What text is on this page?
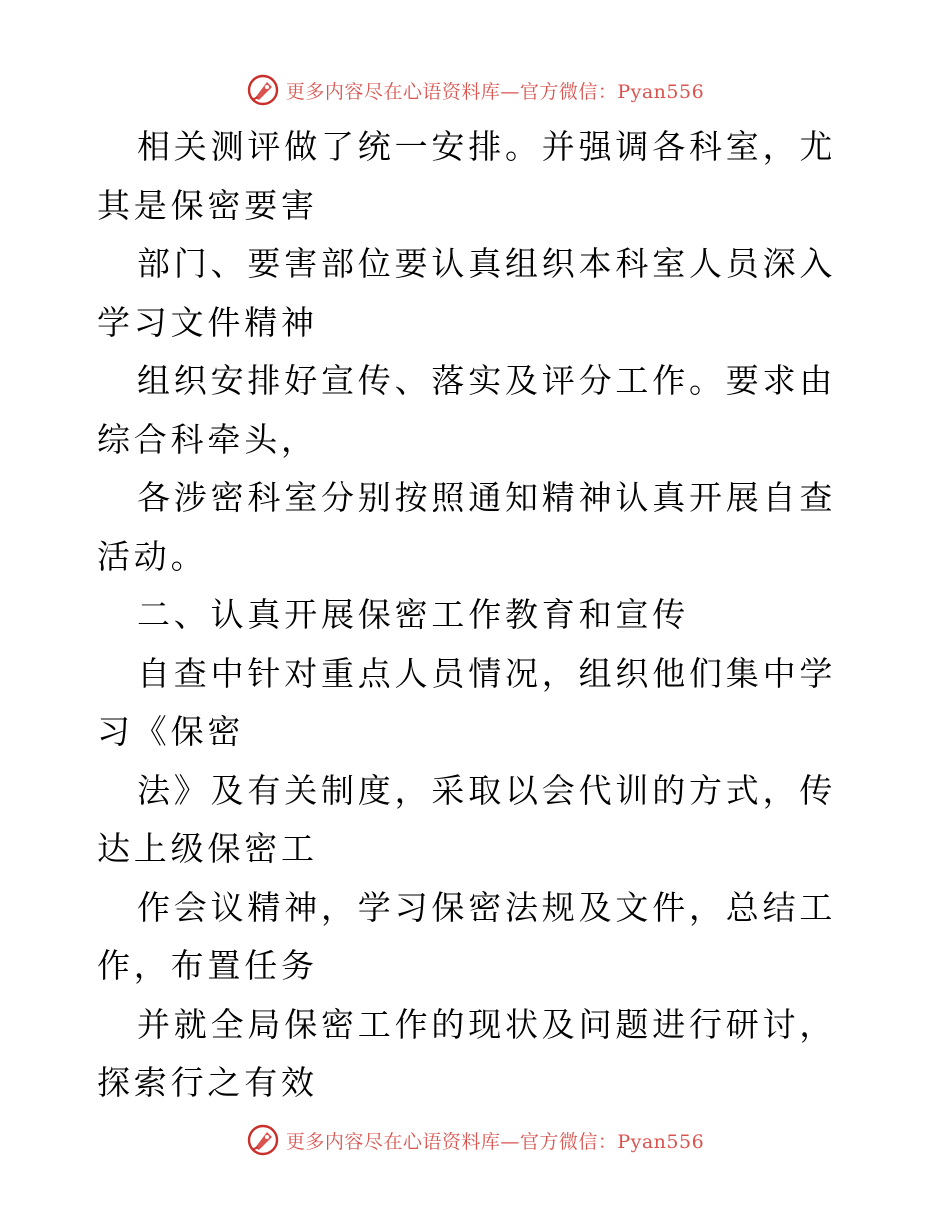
更多内容尽在心语资料库—官方微信：Pyan556

相关测评做了统一安排。并强调各科室，尤其是保密要害

部门、要害部位要认真组织本科室人员深入学习文件精神

组织安排好宣传、落实及评分工作。要求由综合科牵头，

各涉密科室分别按照通知精神认真开展自查活动。

二、认真开展保密工作教育和宣传

自查中针对重点人员情况，组织他们集中学习《保密

法》及有关制度，采取以会代训的方式，传达上级保密工

作会议精神，学习保密法规及文件，总结工作，布置任务

并就全局保密工作的现状及问题进行研讨，探索行之有效

更多内容尽在心语资料库—官方微信：Pyan556
